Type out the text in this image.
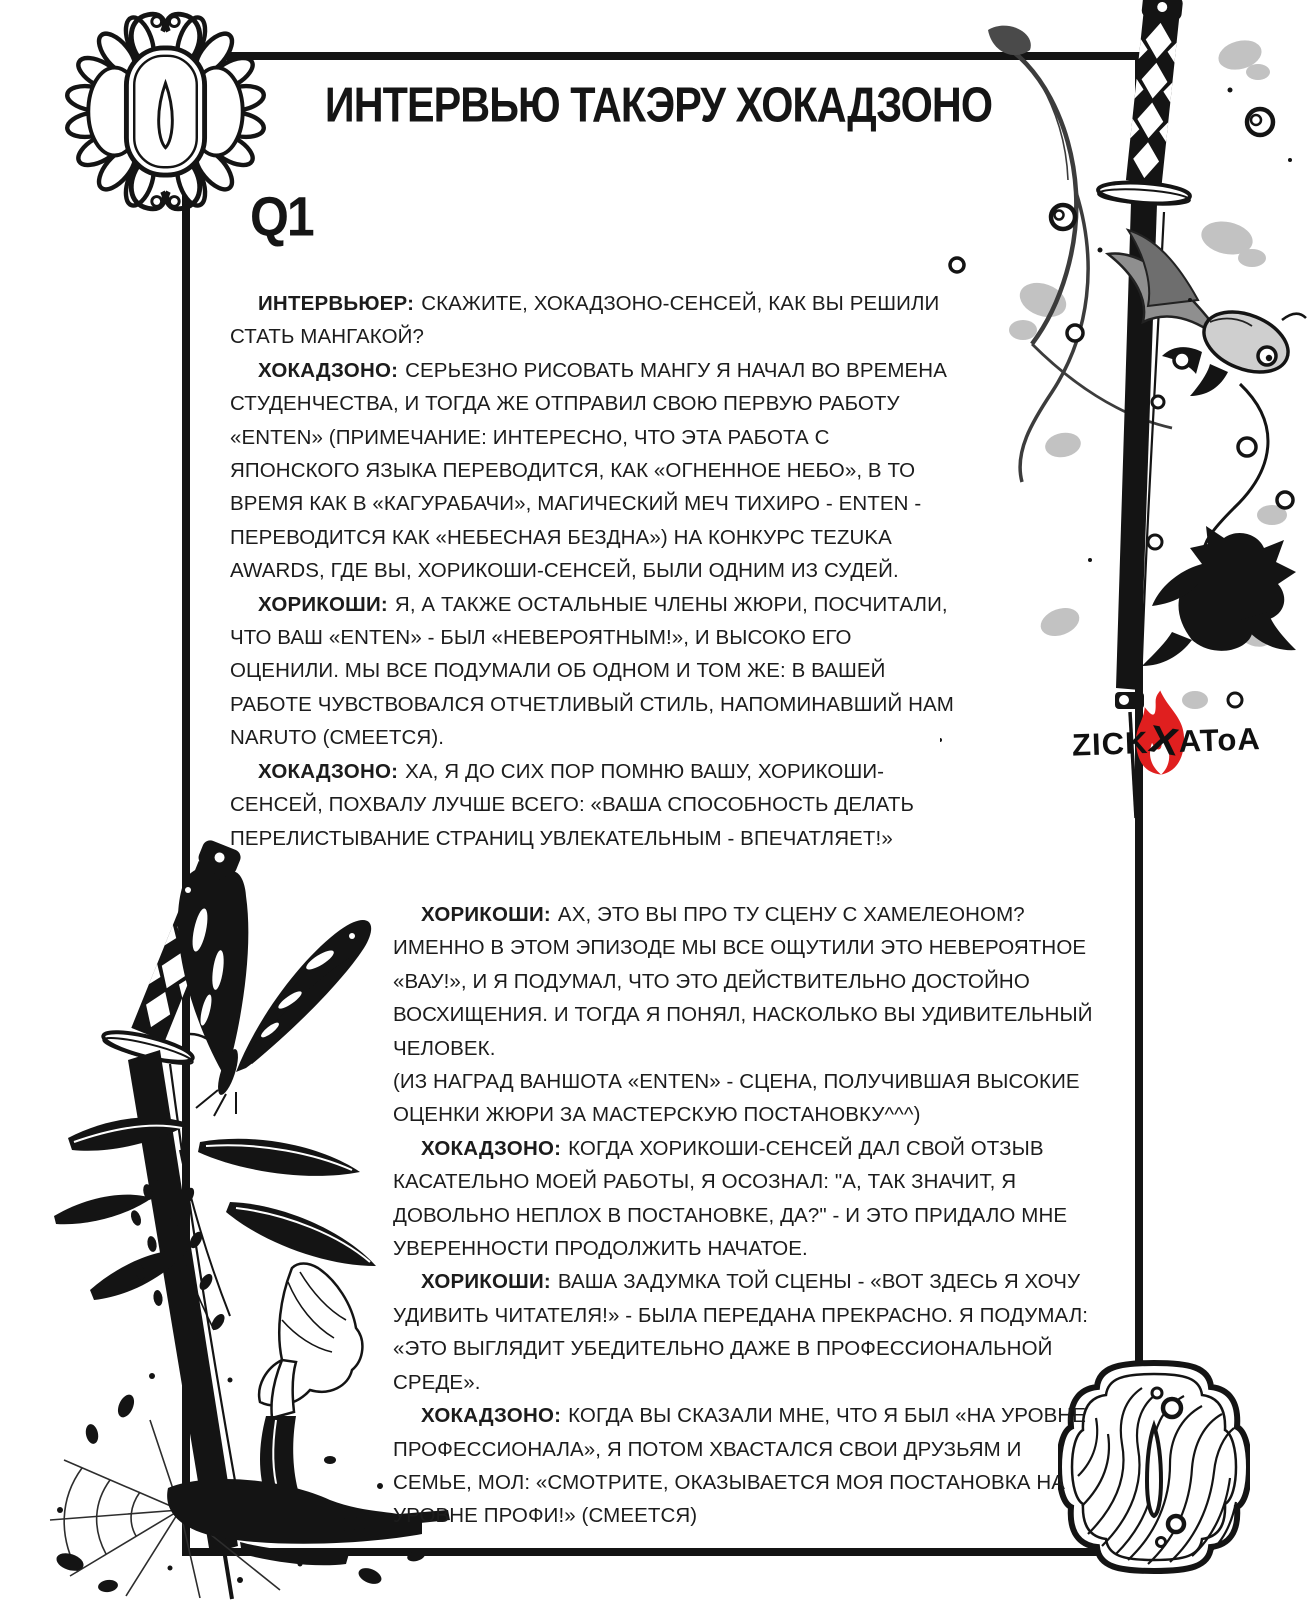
ИНТЕРВЬЮ ТАКЭРУ ХОКАДЗОНО
Q1

ИНТЕРВЬЮЕР: СКАЖИТЕ, ХОКАДЗОНО-СЕНСЕЙ, КАК ВЫ РЕШИЛИ СТАТЬ МАНГАКОЙ?

ХОКАДЗОНО: СЕРЬЕЗНО РИСОВАТЬ МАНГУ Я НАЧАЛ ВО ВРЕМЕНА СТУДЕНЧЕСТВА, И ТОГДА ЖЕ ОТПРАВИЛ СВОЮ ПЕРВУЮ РАБОТУ «ENTEN» (ПРИМЕЧАНИЕ: ИНТЕРЕСНО, ЧТО ЭТА РАБОТА С ЯПОНСКОГО ЯЗЫКА ПЕРЕВОДИТСЯ, КАК «ОГНЕННОЕ НЕБО», В ТО ВРЕМЯ КАК В «КАГУРАБАЧИ», МАГИЧЕСКИЙ МЕЧ ТИХИРО - ENTEN - ПЕРЕВОДИТСЯ КАК «НЕБЕСНАЯ БЕЗДНА») НА КОНКУРС TEZUKA AWARDS, ГДЕ ВЫ, ХОРИКОШИ-СЕНСЕЙ, БЫЛИ ОДНИМ ИЗ СУДЕЙ.

ХОРИКОШИ: Я, А ТАКЖЕ ОСТАЛЬНЫЕ ЧЛЕНЫ ЖЮРИ, ПОСЧИТАЛИ, ЧТО ВАШ «ENTEN» - БЫЛ «НЕВЕРОЯТНЫМ!», И ВЫСОКО ЕГО ОЦЕНИЛИ. МЫ ВСЕ ПОДУМАЛИ ОБ ОДНОМ И ТОМ ЖЕ: В ВАШЕЙ РАБОТЕ ЧУВСТВОВАЛСЯ ОТЧЕТЛИВЫЙ СТИЛЬ, НАПОМИНАВШИЙ НАМ NARUTO (СМЕЕТСЯ).

ХОКАДЗОНО: ХА, Я ДО СИХ ПОР ПОМНЮ ВАШУ, ХОРИКОШИ-СЕНСЕЙ, ПОХВАЛУ ЛУЧШЕ ВСЕГО: «ВАША СПОСОБНОСТЬ ДЕЛАТЬ ПЕРЕЛИСТЫВАНИЕ СТРАНИЦ УВЛЕКАТЕЛЬНЫМ - ВПЕЧАТЛЯЕТ!»

ХОРИКОШИ: АХ, ЭТО ВЫ ПРО ТУ СЦЕНУ С ХАМЕЛЕОНОМ? ИМЕННО В ЭТОМ ЭПИЗОДЕ МЫ ВСЕ ОЩУТИЛИ ЭТО НЕВЕРОЯТНОЕ «ВАУ!», И Я ПОДУМАЛ, ЧТО ЭТО ДЕЙСТВИТЕЛЬНО ДОСТОЙНО ВОСХИЩЕНИЯ. И ТОГДА Я ПОНЯЛ, НАСКОЛЬКО ВЫ УДИВИТЕЛЬНЫЙ ЧЕЛОВЕК.

(ИЗ НАГРАД ВАНШОТА «ENTEN» - СЦЕНА, ПОЛУЧИВШАЯ ВЫСОКИЕ ОЦЕНКИ ЖЮРИ ЗА МАСТЕРСКУЮ ПОСТАНОВКУ^^^)

ХОКАДЗОНО: КОГДА ХОРИКОШИ-СЕНСЕЙ ДАЛ СВОЙ ОТЗЫВ КАСАТЕЛЬНО МОЕЙ РАБОТЫ, Я ОСОЗНАЛ: "А, ТАК ЗНАЧИТ, Я ДОВОЛЬНО НЕПЛОХ В ПОСТАНОВКЕ, ДА?" - И ЭТО ПРИДАЛО МНЕ УВЕРЕННОСТИ ПРОДОЛЖИТЬ НАЧАТОЕ.

ХОРИКОШИ: ВАША ЗАДУМКА ТОЙ СЦЕНЫ - «ВОТ ЗДЕСЬ Я ХОЧУ УДИВИТЬ ЧИТАТЕЛЯ!» - БЫЛА ПЕРЕДАНА ПРЕКРАСНО. Я ПОДУМАЛ: «ЭТО ВЫГЛЯДИТ УБЕДИТЕЛЬНО ДАЖЕ В ПРОФЕССИОНАЛЬНОЙ СРЕДЕ».

ХОКАДЗОНО: КОГДА ВЫ СКАЗАЛИ МНЕ, ЧТО Я БЫЛ «НА УРОВНЕ ПРОФЕССИОНАЛА», Я ПОТОМ ХВАСТАЛСЯ СВОИ ДРУЗЬЯМ И СЕМЬЕ, МОЛ: «СМОТРИТЕ, ОКАЗЫВАЕТСЯ МОЯ ПОСТАНОВКА НА УРОВНЕ ПРОФИ!» (СМЕЕТСЯ)

ZICK
X
AToA
